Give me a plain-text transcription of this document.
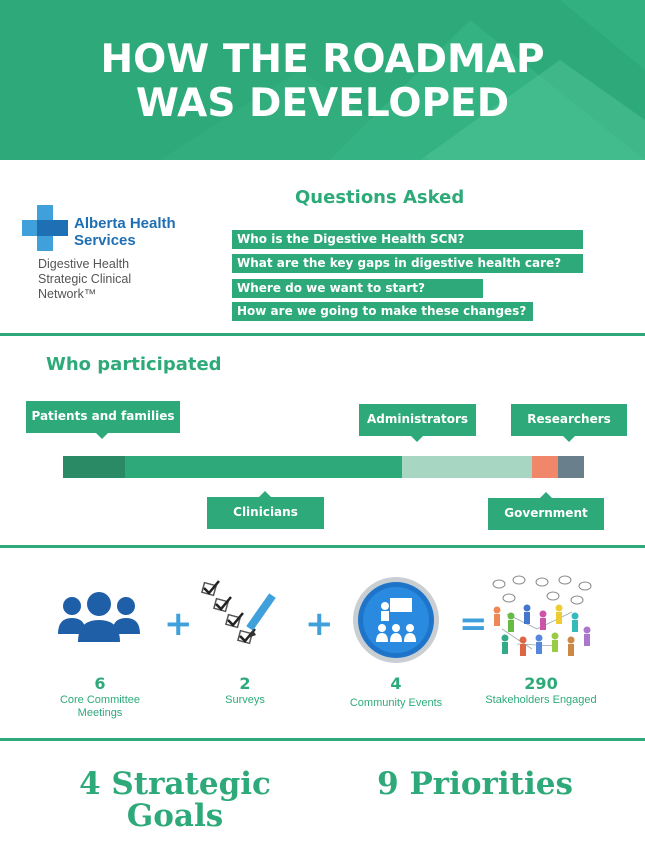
HOW THE ROADMAP
WAS DEVELOPED
Alberta Health
Services
Digestive Health
Strategic Clinical
Network™
Questions Asked
Who is the Digestive Health SCN?
What are the key gaps in digestive health care?
Where do we want to start?
How are we going to make these changes?
Who participated
Patients and families	Administrators	Researchers
Clinicians	Government
+	+	=
6
Core Committee
Meetings
2
Surveys
4
Community Events
290
Stakeholders Engaged
4 Strategic
Goals
9 Priorities
